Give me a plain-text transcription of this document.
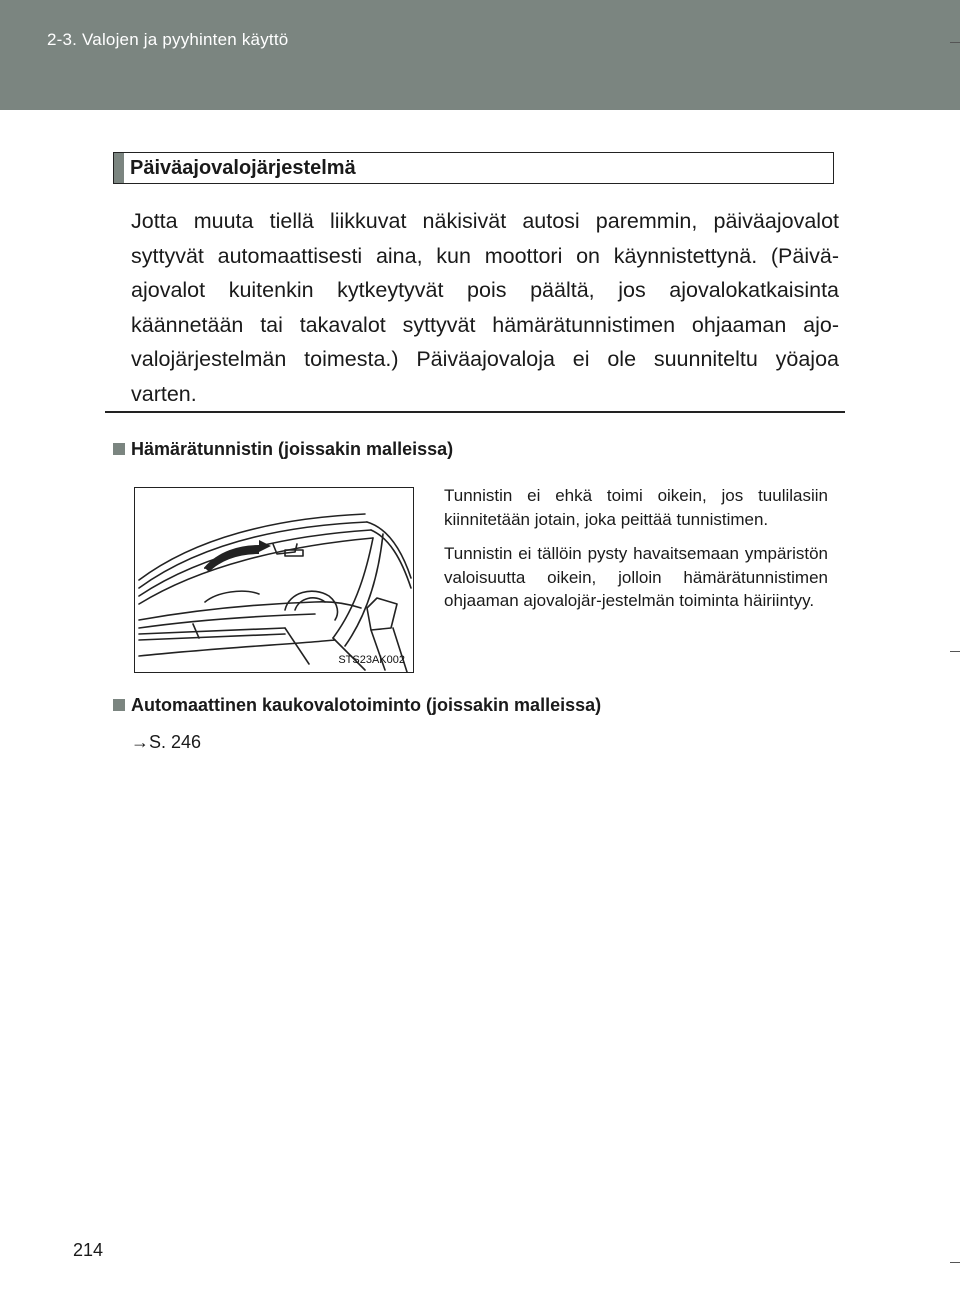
2-3. Valojen ja pyyhinten käyttö
Päiväajovalojärjestelmä

Jotta muuta tiellä liikkuvat näkisivät autosi paremmin, päiväajovalot syttyvät automaattisesti aina, kun moottori on käynnistettynä. (Päivä-ajovalot kuitenkin kytkeytyvät pois päältä, jos ajovalokatkaisinta käännetään tai takavalot syttyvät hämärätunnistimen ohjaaman ajo-valojärjestelmän toimesta.) Päiväajovaloja ei ole suunniteltu yöajoa varten.

Hämärätunnistin (joissakin malleissa)
STS23AK002

Tunnistin ei ehkä toimi oikein, jos tuulilasiin kiinnitetään jotain, joka peittää tunnistimen.

Tunnistin ei tällöin pysty havaitsemaan ympäristön valoisuutta oikein, jolloin hämärätunnistimen ohjaaman ajovalojär-jestelmän toiminta häiriintyy.

Automaattinen kaukovalotoiminto (joissakin malleissa)
→S. 246
214
